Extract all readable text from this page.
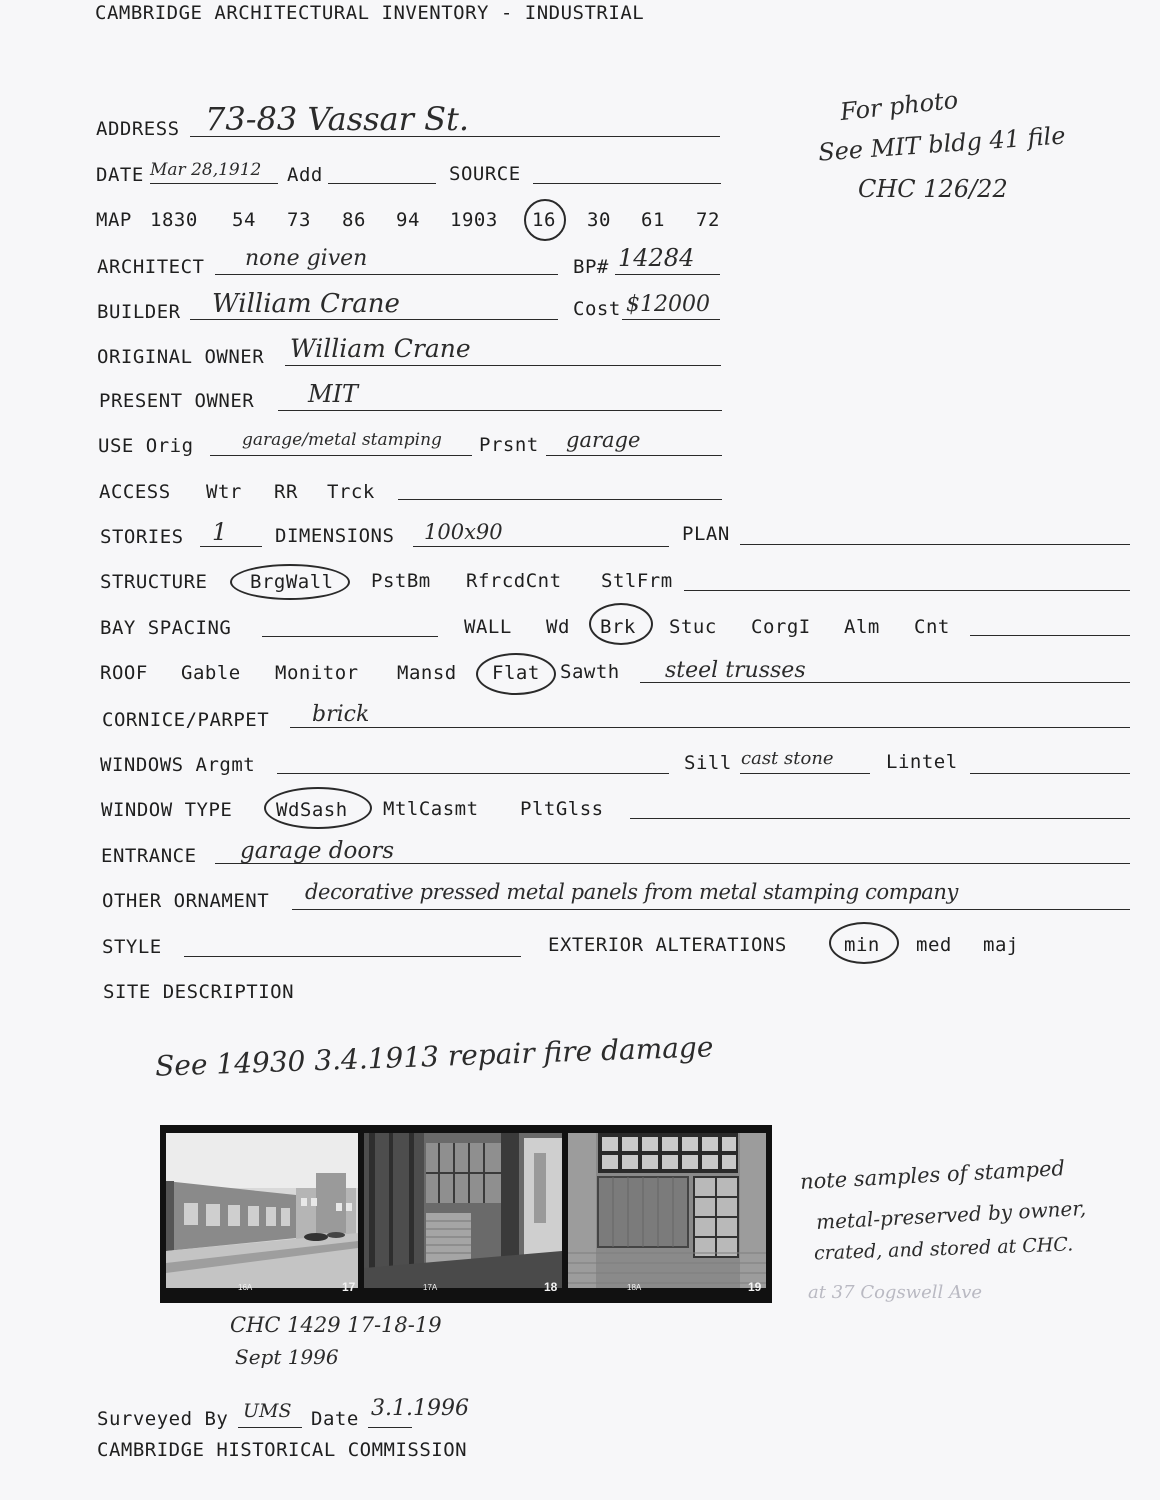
CAMBRIDGE ARCHITECTURAL INVENTORY - INDUSTRIAL
ADDRESS 73-83 Vassar St.	For photo
See MIT bldg 41 file
CHC 126/22
DATE Mar 28,1912 Add	SOURCE
MAP 1830 54 73 86 94 1903 16 30 61 72
ARCHITECT none given	BP# 14284
BUILDER William Crane	Cost $12000
ORIGINAL OWNER William Crane
PRESENT OWNER MIT
USE Orig	garage/metal stamping Prsnt garage
ACCESS Wtr RR Trck
STORIES 1	DIMENSIONS 100x90	PLAN
STRUCTURE BrgWall PstBm RfrcdCnt StlFrm
BAY SPACING	WALL Wd Brk Stuc CorgI Alm Cnt
ROOF Gable Monitor Mansd Flat Sawth steel trusses
CORNICE/PARPET brick
WINDOWS Argmt	Sill cast stone	Lintel
WINDOW TYPE WdSash MtlCasmt PltGlss
ENTRANCE garage doors
OTHER ORNAMENT decorative pressed metal panels from metal stamping company
STYLE	EXTERIOR ALTERATIONS	min med maj
SITE DESCRIPTION
See 14930 3.4.1913 repair fire damage
16A	17	17A	18	18A	19
note samples of stamped
metal-preserved by owner,
crated, and stored at CHC.
at 37 Cogswell Ave
CHC 1429 17-18-19
Sept 1996
Surveyed By UMS Date 3.1.1996
CAMBRIDGE HISTORICAL COMMISSION
